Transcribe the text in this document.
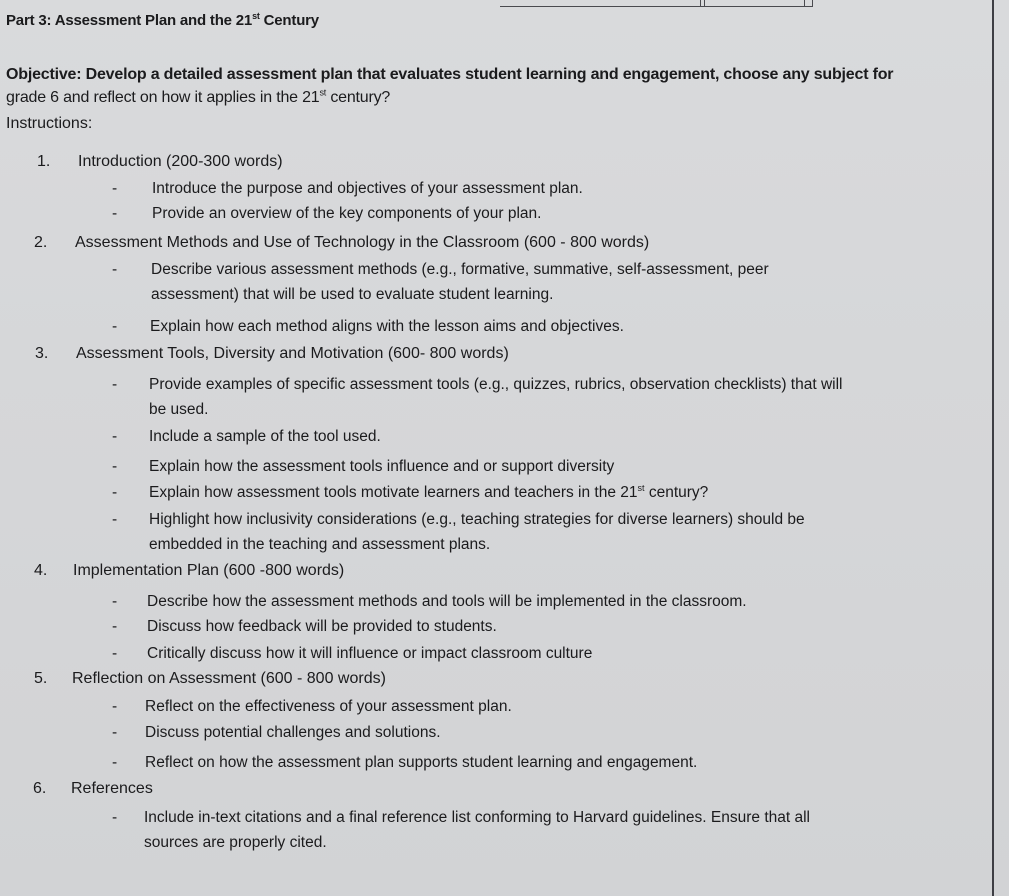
Part 3: Assessment Plan and the 21st Century
Objective: Develop a detailed assessment plan that evaluates student learning and engagement, choose any subject for
grade 6 and reflect on how it applies in the 21st century?
Instructions:
1. Introduction (200-300 words)
- Introduce the purpose and objectives of your assessment plan.
- Provide an overview of the key components of your plan.
2. Assessment Methods and Use of Technology in the Classroom (600 - 800 words)
- Describe various assessment methods (e.g., formative, summative, self-assessment, peer
assessment) that will be used to evaluate student learning.
- Explain how each method aligns with the lesson aims and objectives.
3. Assessment Tools, Diversity and Motivation (600- 800 words)
- Provide examples of specific assessment tools (e.g., quizzes, rubrics, observation checklists) that will
be used.
- Include a sample of the tool used.
- Explain how the assessment tools influence and or support diversity
- Explain how assessment tools motivate learners and teachers in the 21st century?
- Highlight how inclusivity considerations (e.g., teaching strategies for diverse learners) should be
embedded in the teaching and assessment plans.
4. Implementation Plan (600 -800 words)
- Describe how the assessment methods and tools will be implemented in the classroom.
- Discuss how feedback will be provided to students.
- Critically discuss how it will influence or impact classroom culture
5. Reflection on Assessment (600 - 800 words)
- Reflect on the effectiveness of your assessment plan.
- Discuss potential challenges and solutions.
- Reflect on how the assessment plan supports student learning and engagement.
6. References
- Include in-text citations and a final reference list conforming to Harvard guidelines. Ensure that all
sources are properly cited.
